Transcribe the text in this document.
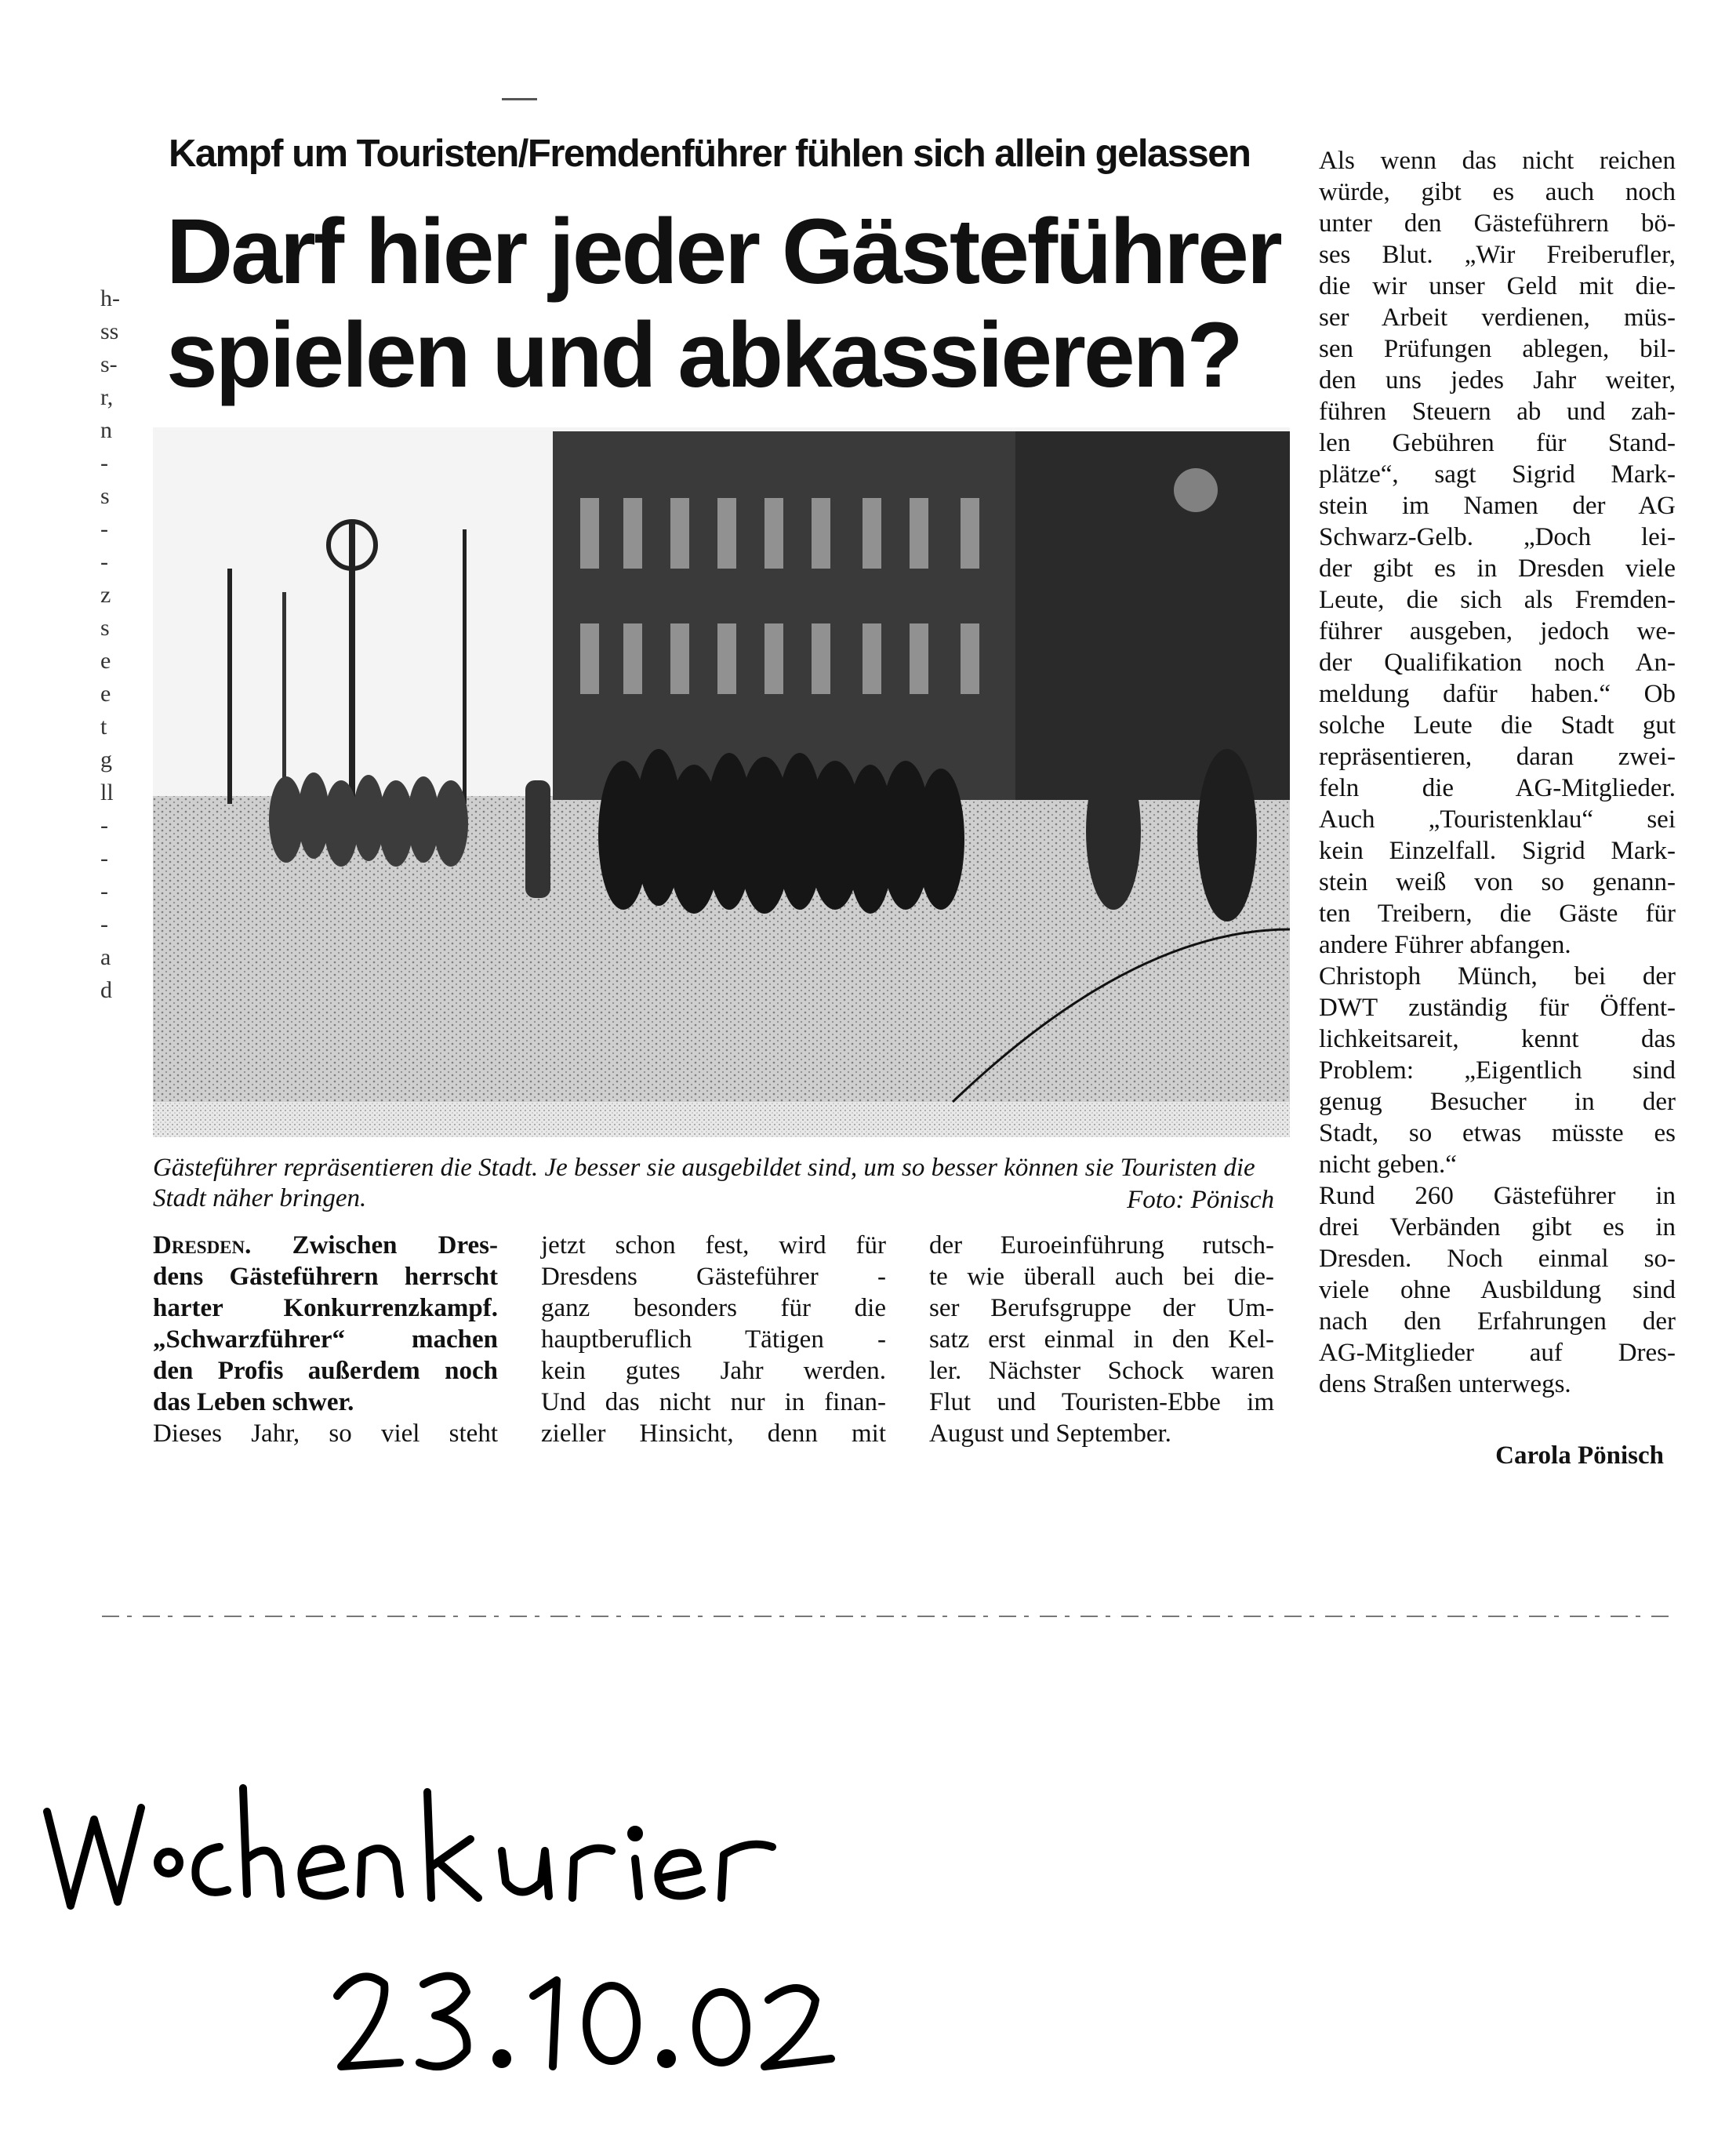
h-
ss
s-
r,
n
-
s
-
-
z
s
e
e
t
g
ll
-
-
-
-
a
d
Kampf um Touristen/Fremdenführer fühlen sich allein gelassen
Darf hier jeder Gästeführer
spielen und abkassieren?
Gästeführer repräsentieren die Stadt. Je besser sie ausgebildet sind, um so besser können sie Touristen die Stadt näher bringen.	Foto: Pönisch
Dresden. Zwischen Dres-
dens Gästeführern herrscht
harter Konkurrenzkampf.
„Schwarzführer“ machen
den Profis außerdem noch
das Leben schwer.
Dieses Jahr, so viel steht
jetzt schon fest, wird für
Dresdens Gästeführer -
ganz besonders für die
hauptberuflich Tätigen -
kein gutes Jahr werden.
Und das nicht nur in finan-
zieller Hinsicht, denn mit
der Euroeinführung rutsch-
te wie überall auch bei die-
ser Berufsgruppe der Um-
satz erst einmal in den Kel-
ler. Nächster Schock waren
Flut und Touristen-Ebbe im
August und September.
Als wenn das nicht reichen
würde, gibt es auch noch
unter den Gästeführern bö-
ses Blut. „Wir Freiberufler,
die wir unser Geld mit die-
ser Arbeit verdienen, müs-
sen Prüfungen ablegen, bil-
den uns jedes Jahr weiter,
führen Steuern ab und zah-
len Gebühren für Stand-
plätze“, sagt Sigrid Mark-
stein im Namen der AG
Schwarz-Gelb. „Doch lei-
der gibt es in Dresden viele
Leute, die sich als Fremden-
führer ausgeben, jedoch we-
der Qualifikation noch An-
meldung dafür haben.“ Ob
solche Leute die Stadt gut
repräsentieren, daran zwei-
feln die AG-Mitglieder.
Auch „Touristenklau“ sei
kein Einzelfall. Sigrid Mark-
stein weiß von so genann-
ten Treibern, die Gäste für
andere Führer abfangen.
Christoph Münch, bei der
DWT zuständig für Öffent-
lichkeitsareit, kennt das
Problem: „Eigentlich sind
genug Besucher in der
Stadt, so etwas müsste es
nicht geben.“
Rund 260 Gästeführer in
drei Verbänden gibt es in
Dresden. Noch einmal so-
viele ohne Ausbildung sind
nach den Erfahrungen der
AG-Mitglieder auf Dres-
dens Straßen unterwegs.
Carola Pönisch
Wochenkurier
23.10.02
